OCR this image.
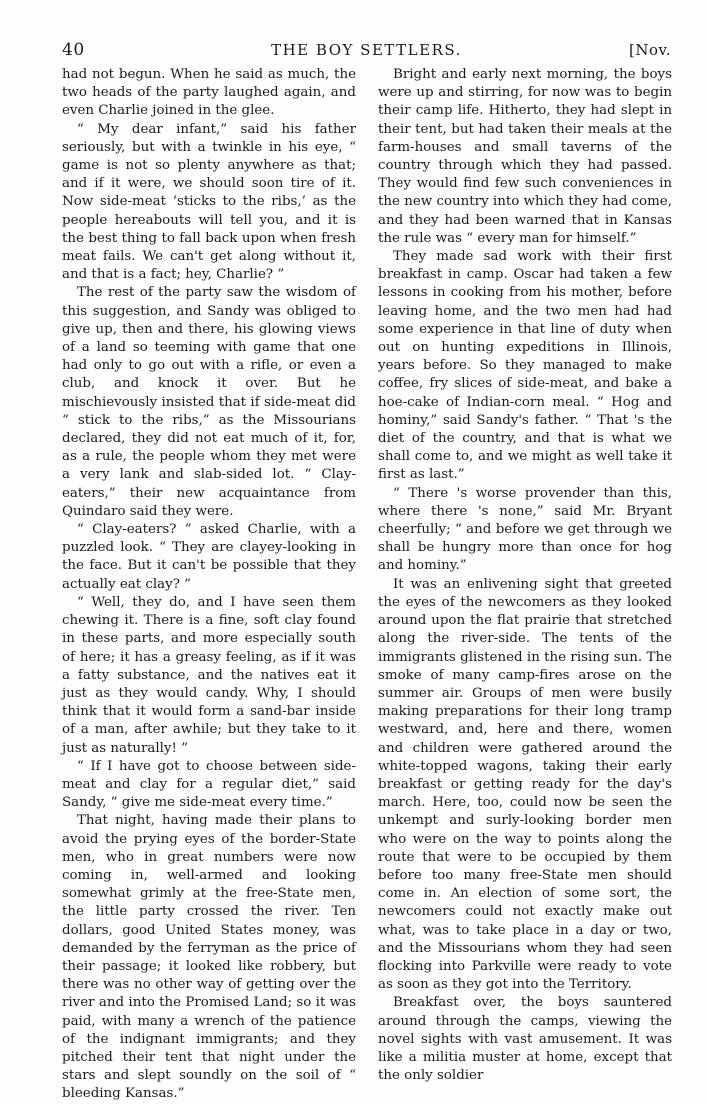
40	THE BOY SETTLERS.	[Nov.

had not begun. When he said as much, the two heads of the party laughed again, and even Charlie joined in the glee.

“ My dear infant,” said his father seriously, but with a twinkle in his eye, “ game is not so plenty anywhere as that; and if it were, we should soon tire of it. Now side-meat ‘sticks to the ribs,’ as the people hereabouts will tell you, and it is the best thing to fall back upon when fresh meat fails. We can't get along without it, and that is a fact; hey, Charlie? ”

The rest of the party saw the wisdom of this suggestion, and Sandy was obliged to give up, then and there, his glowing views of a land so teeming with game that one had only to go out with a rifle, or even a club, and knock it over. But he mischievously insisted that if side-meat did “ stick to the ribs,” as the Missourians declared, they did not eat much of it, for, as a rule, the people whom they met were a very lank and slab-sided lot. “ Clay-eaters,” their new acquaintance from Quindaro said they were.

“ Clay-eaters? ” asked Charlie, with a puzzled look. “ They are clayey-looking in the face. But it can't be possible that they actually eat clay? ”

“ Well, they do, and I have seen them chewing it. There is a fine, soft clay found in these parts, and more especially south of here; it has a greasy feeling, as if it was a fatty substance, and the natives eat it just as they would candy. Why, I should think that it would form a sand-bar inside of a man, after awhile; but they take to it just as naturally! ”

“ If I have got to choose between side-meat and clay for a regular diet,” said Sandy, “ give me side-meat every time.”

That night, having made their plans to avoid the prying eyes of the border-State men, who in great numbers were now coming in, well-armed and looking somewhat grimly at the free-State men, the little party crossed the river. Ten dollars, good United States money, was demanded by the ferryman as the price of their passage; it looked like robbery, but there was no other way of getting over the river and into the Promised Land; so it was paid, with many a wrench of the patience of the indignant immigrants; and they pitched their tent that night under the stars and slept soundly on the soil of “ bleeding Kansas.”

Bright and early next morning, the boys were up and stirring, for now was to begin their camp life. Hitherto, they had slept in their tent, but had taken their meals at the farm-houses and small taverns of the country through which they had passed. They would find few such conveniences in the new country into which they had come, and they had been warned that in Kansas the rule was “ every man for himself.”

They made sad work with their first breakfast in camp. Oscar had taken a few lessons in cooking from his mother, before leaving home, and the two men had had some experience in that line of duty when out on hunting expeditions in Illinois, years before. So they managed to make coffee, fry slices of side-meat, and bake a hoe-cake of Indian-corn meal. “ Hog and hominy,” said Sandy's father. “ That 's the diet of the country, and that is what we shall come to, and we might as well take it first as last.”

“ There 's worse provender than this, where there 's none,” said Mr. Bryant cheerfully; “ and before we get through we shall be hungry more than once for hog and hominy.”

It was an enlivening sight that greeted the eyes of the newcomers as they looked around upon the flat prairie that stretched along the river-side. The tents of the immigrants glistened in the rising sun. The smoke of many camp-fires arose on the summer air. Groups of men were busily making preparations for their long tramp westward, and, here and there, women and children were gathered around the white-topped wagons, taking their early breakfast or getting ready for the day's march. Here, too, could now be seen the unkempt and surly-looking border men who were on the way to points along the route that were to be occupied by them before too many free-State men should come in. An election of some sort, the newcomers could not exactly make out what, was to take place in a day or two, and the Missourians whom they had seen flocking into Parkville were ready to vote as soon as they got into the Territory.

Breakfast over, the boys sauntered around through the camps, viewing the novel sights with vast amusement. It was like a militia muster at home, except that the only soldier
